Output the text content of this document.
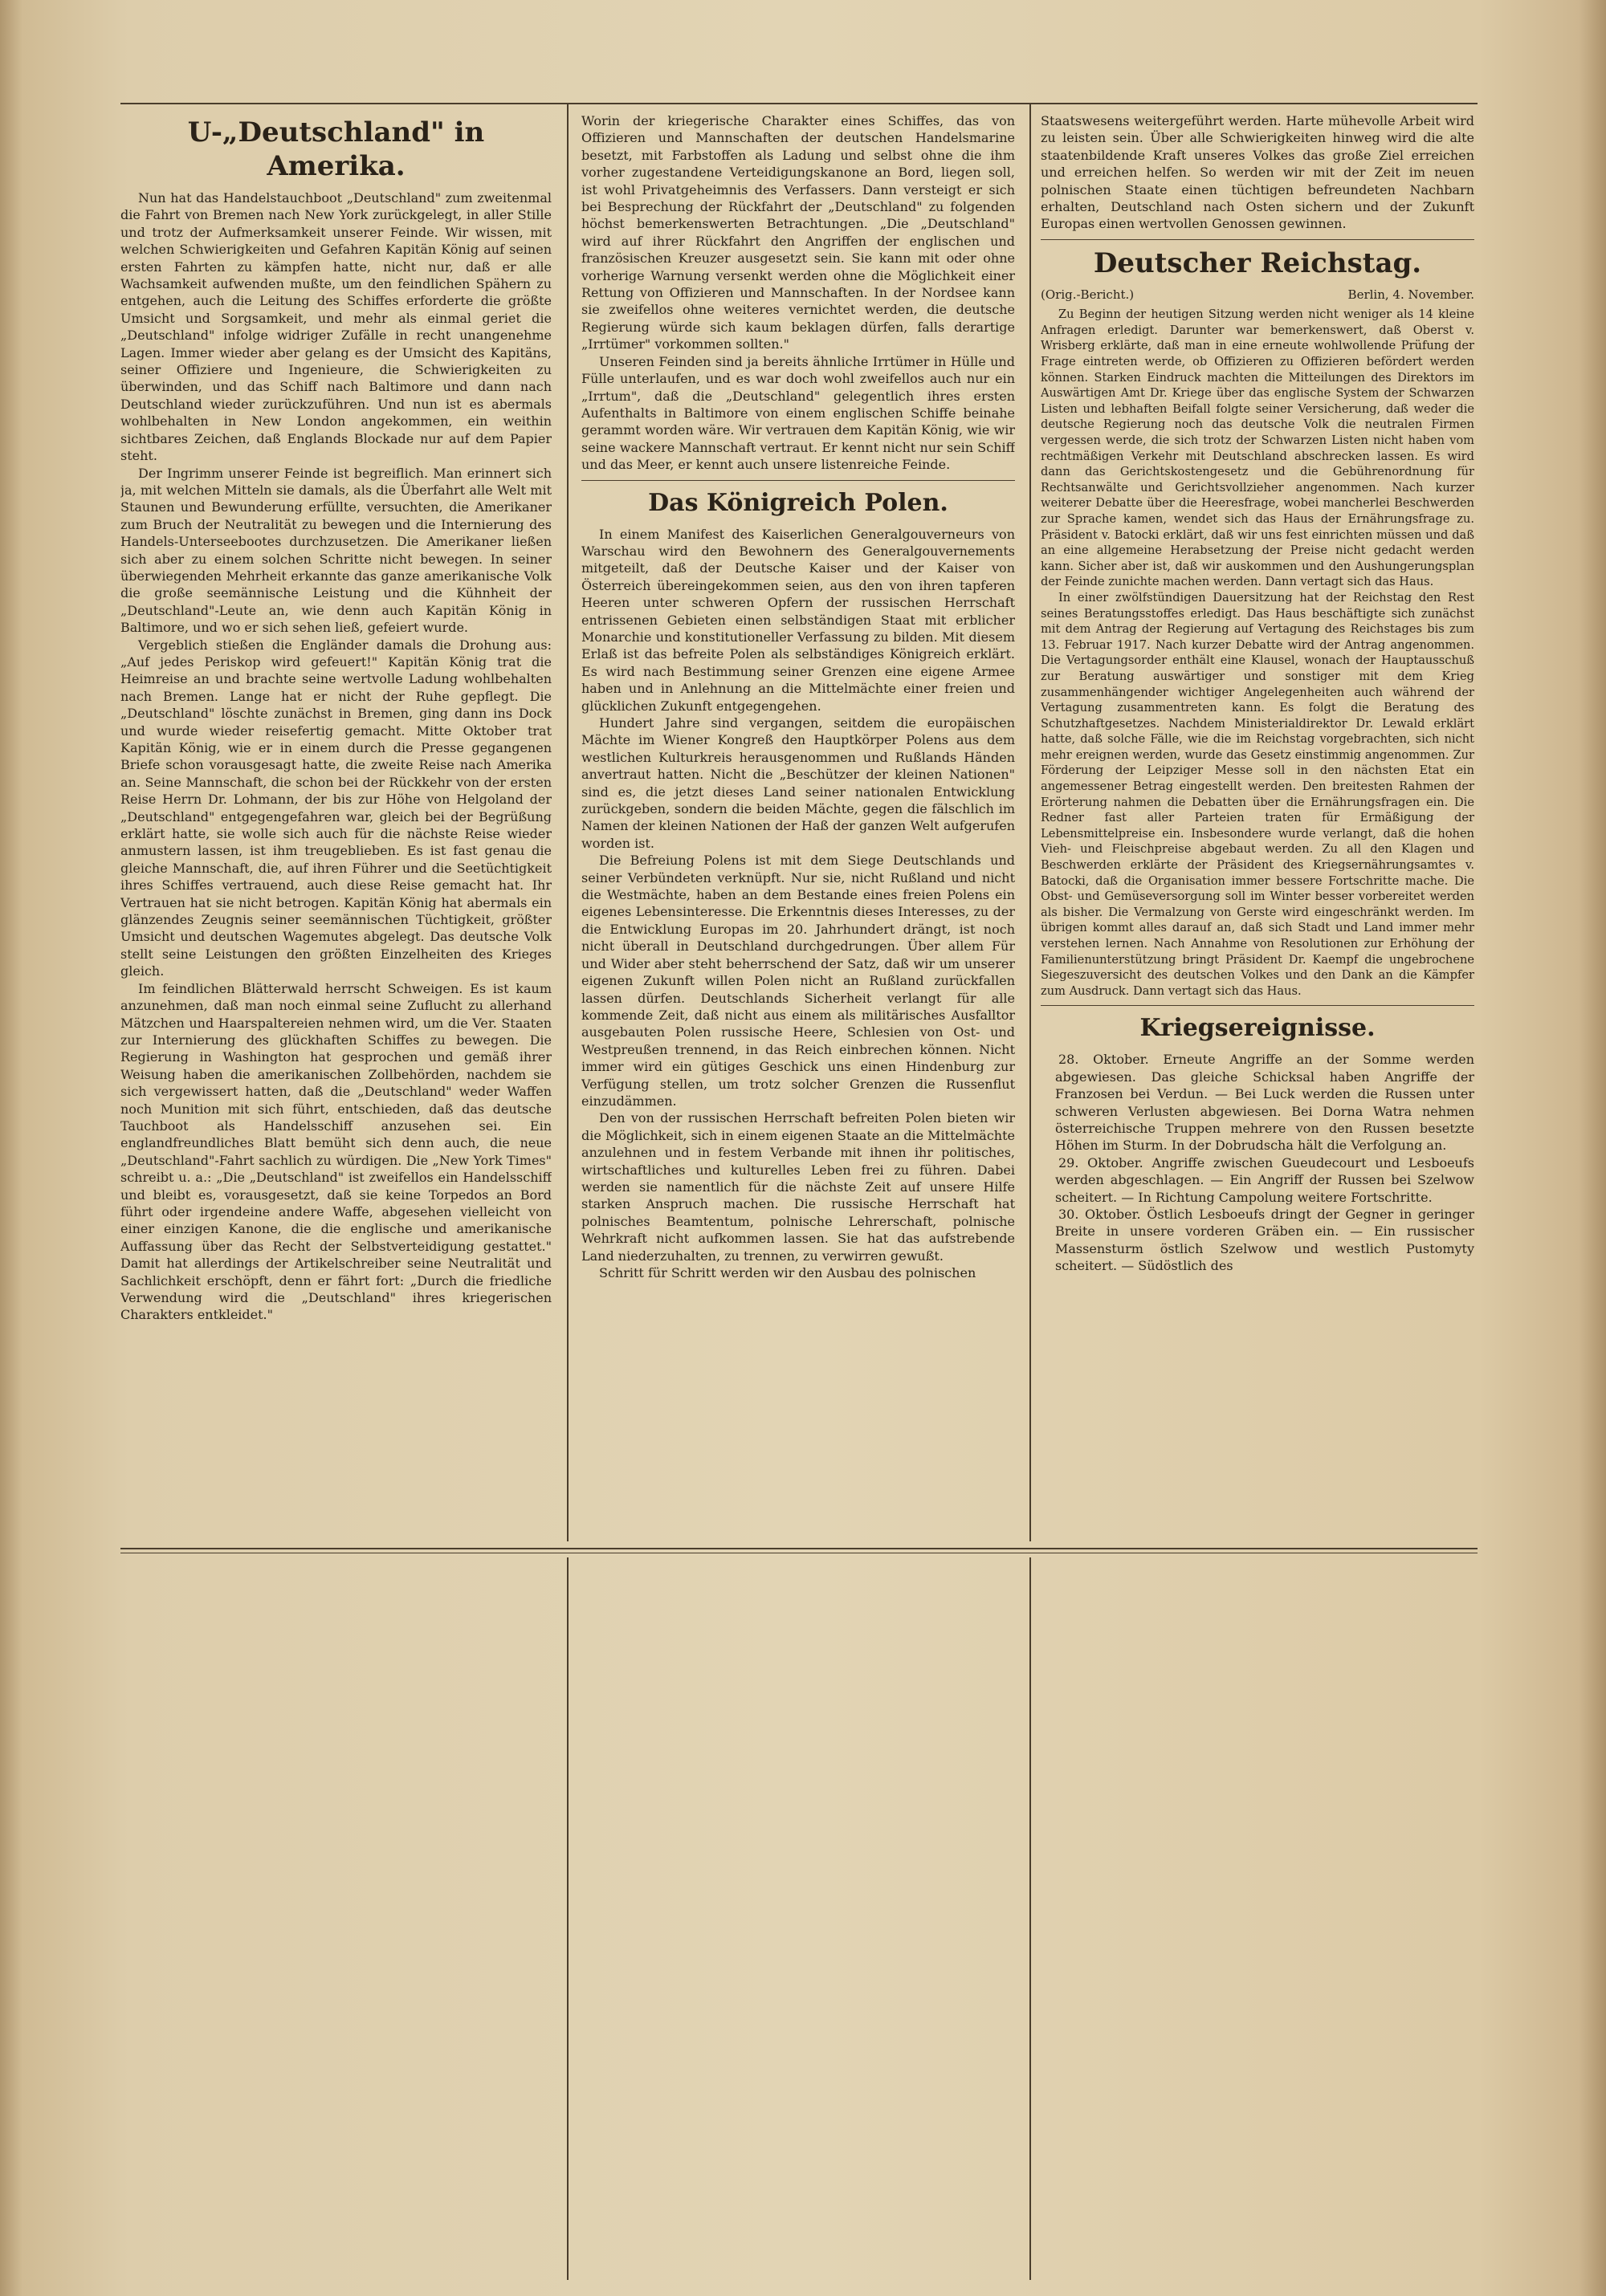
U-„Deutschland" in Amerika.

Nun hat das Handelstauchboot „Deutschland" zum zweitenmal die Fahrt von Bremen nach New York zurückgelegt, in aller Stille und trotz der Aufmerksamkeit unserer Feinde. Wir wissen, mit welchen Schwierigkeiten und Gefahren Kapitän König auf seinen ersten Fahrten zu kämpfen hatte, nicht nur, daß er alle Wachsamkeit aufwenden mußte, um den feindlichen Spähern zu entgehen, auch die Leitung des Schiffes erforderte die größte Umsicht und Sorgsamkeit, und mehr als einmal geriet die „Deutschland" infolge widriger Zufälle in recht unangenehme Lagen. Immer wieder aber gelang es der Umsicht des Kapitäns, seiner Offiziere und Ingenieure, die Schwierigkeiten zu überwinden, und das Schiff nach Baltimore und dann nach Deutschland wieder zurückzuführen. Und nun ist es abermals wohlbehalten in New London angekommen, ein weithin sichtbares Zeichen, daß Englands Blockade nur auf dem Papier steht.

Der Ingrimm unserer Feinde ist begreiflich. Man erinnert sich ja, mit welchen Mitteln sie damals, als die Überfahrt alle Welt mit Staunen und Bewunderung erfüllte, versuchten, die Amerikaner zum Bruch der Neutralität zu bewegen und die Internierung des Handels-Unterseebootes durchzusetzen. Die Amerikaner ließen sich aber zu einem solchen Schritte nicht bewegen. In seiner überwiegenden Mehrheit erkannte das ganze amerikanische Volk die große seemännische Leistung und die Kühnheit der „Deutschland"-Leute an, wie denn auch Kapitän König in Baltimore, und wo er sich sehen ließ, gefeiert wurde.

Vergeblich stießen die Engländer damals die Drohung aus: „Auf jedes Periskop wird gefeuert!" Kapitän König trat die Heimreise an und brachte seine wertvolle Ladung wohlbehalten nach Bremen. Lange hat er nicht der Ruhe gepflegt. Die „Deutschland" löschte zunächst in Bremen, ging dann ins Dock und wurde wieder reisefertig gemacht. Mitte Oktober trat Kapitän König, wie er in einem durch die Presse gegangenen Briefe schon vorausgesagt hatte, die zweite Reise nach Amerika an. Seine Mannschaft, die schon bei der Rückkehr von der ersten Reise Herrn Dr. Lohmann, der bis zur Höhe von Helgoland der „Deutschland" entgegengefahren war, gleich bei der Begrüßung erklärt hatte, sie wolle sich auch für die nächste Reise wieder anmustern lassen, ist ihm treugeblieben. Es ist fast genau die gleiche Mannschaft, die, auf ihren Führer und die Seetüchtigkeit ihres Schiffes vertrauend, auch diese Reise gemacht hat. Ihr Vertrauen hat sie nicht betrogen. Kapitän König hat abermals ein glänzendes Zeugnis seiner seemännischen Tüchtigkeit, größter Umsicht und deutschen Wagemutes abgelegt. Das deutsche Volk stellt seine Leistungen den größten Einzelheiten des Krieges gleich.

Im feindlichen Blätterwald herrscht Schweigen. Es ist kaum anzunehmen, daß man noch einmal seine Zuflucht zu allerhand Mätzchen und Haarspaltereien nehmen wird, um die Ver. Staaten zur Internierung des glückhaften Schiffes zu bewegen. Die Regierung in Washington hat gesprochen und gemäß ihrer Weisung haben die amerikanischen Zollbehörden, nachdem sie sich vergewissert hatten, daß die „Deutschland" weder Waffen noch Munition mit sich führt, entschieden, daß das deutsche Tauchboot als Handelsschiff anzusehen sei. Ein englandfreundliches Blatt bemüht sich denn auch, die neue „Deutschland"-Fahrt sachlich zu würdigen. Die „New York Times" schreibt u. a.: „Die „Deutschland" ist zweifellos ein Handelsschiff und bleibt es, vorausgesetzt, daß sie keine Torpedos an Bord führt oder irgendeine andere Waffe, abgesehen vielleicht von einer einzigen Kanone, die die englische und amerikanische Auffassung über das Recht der Selbstverteidigung gestattet." Damit hat allerdings der Artikelschreiber seine Neutralität und Sachlichkeit erschöpft, denn er fährt fort: „Durch die friedliche Verwendung wird die „Deutschland" ihres kriegerischen Charakters entkleidet."

Worin der kriegerische Charakter eines Schiffes, das von Offizieren und Mannschaften der deutschen Handelsmarine besetzt, mit Farbstoffen als Ladung und selbst ohne die ihm vorher zugestandene Verteidigungskanone an Bord, liegen soll, ist wohl Privatgeheimnis des Verfassers. Dann versteigt er sich bei Besprechung der Rückfahrt der „Deutschland" zu folgenden höchst bemerkenswerten Betrachtungen. „Die „Deutschland" wird auf ihrer Rückfahrt den Angriffen der englischen und französischen Kreuzer ausgesetzt sein. Sie kann mit oder ohne vorherige Warnung versenkt werden ohne die Möglichkeit einer Rettung von Offizieren und Mannschaften. In der Nordsee kann sie zweifellos ohne weiteres vernichtet werden, die deutsche Regierung würde sich kaum beklagen dürfen, falls derartige „Irrtümer" vorkommen sollten."

Unseren Feinden sind ja bereits ähnliche Irrtümer in Hülle und Fülle unterlaufen, und es war doch wohl zweifellos auch nur ein „Irrtum", daß die „Deutschland" gelegentlich ihres ersten Aufenthalts in Baltimore von einem englischen Schiffe beinahe gerammt worden wäre. Wir vertrauen dem Kapitän König, wie wir seine wackere Mannschaft vertraut. Er kennt nicht nur sein Schiff und das Meer, er kennt auch unsere listenreiche Feinde.

Das Königreich Polen.

In einem Manifest des Kaiserlichen Generalgouverneurs von Warschau wird den Bewohnern des Generalgouvernements mitgeteilt, daß der Deutsche Kaiser und der Kaiser von Österreich übereingekommen seien, aus den von ihren tapferen Heeren unter schweren Opfern der russischen Herrschaft entrissenen Gebieten einen selbständigen Staat mit erblicher Monarchie und konstitutioneller Verfassung zu bilden. Mit diesem Erlaß ist das befreite Polen als selbständiges Königreich erklärt. Es wird nach Bestimmung seiner Grenzen eine eigene Armee haben und in Anlehnung an die Mittelmächte einer freien und glücklichen Zukunft entgegengehen.

Hundert Jahre sind vergangen, seitdem die europäischen Mächte im Wiener Kongreß den Hauptkörper Polens aus dem westlichen Kulturkreis herausgenommen und Rußlands Händen anvertraut hatten. Nicht die „Beschützer der kleinen Nationen" sind es, die jetzt dieses Land seiner nationalen Entwicklung zurückgeben, sondern die beiden Mächte, gegen die fälschlich im Namen der kleinen Nationen der Haß der ganzen Welt aufgerufen worden ist.

Die Befreiung Polens ist mit dem Siege Deutschlands und seiner Verbündeten verknüpft. Nur sie, nicht Rußland und nicht die Westmächte, haben an dem Bestande eines freien Polens ein eigenes Lebensinteresse. Die Erkenntnis dieses Interesses, zu der die Entwicklung Europas im 20. Jahrhundert drängt, ist noch nicht überall in Deutschland durchgedrungen. Über allem Für und Wider aber steht beherrschend der Satz, daß wir um unserer eigenen Zukunft willen Polen nicht an Rußland zurückfallen lassen dürfen. Deutschlands Sicherheit verlangt für alle kommende Zeit, daß nicht aus einem als militärisches Ausfalltor ausgebauten Polen russische Heere, Schlesien von Ost- und Westpreußen trennend, in das Reich einbrechen können. Nicht immer wird ein gütiges Geschick uns einen Hindenburg zur Verfügung stellen, um trotz solcher Grenzen die Russenflut einzudämmen.

Den von der russischen Herrschaft befreiten Polen bieten wir die Möglichkeit, sich in einem eigenen Staate an die Mittelmächte anzulehnen und in festem Verbande mit ihnen ihr politisches, wirtschaftliches und kulturelles Leben frei zu führen. Dabei werden sie namentlich für die nächste Zeit auf unsere Hilfe starken Anspruch machen. Die russische Herrschaft hat polnisches Beamtentum, polnische Lehrerschaft, polnische Wehrkraft nicht aufkommen lassen. Sie hat das aufstrebende Land niederzuhalten, zu trennen, zu verwirren gewußt.

Schritt für Schritt werden wir den Ausbau des polnischen

Staatswesens weitergeführt werden. Harte mühevolle Arbeit wird zu leisten sein. Über alle Schwierigkeiten hinweg wird die alte staatenbildende Kraft unseres Volkes das große Ziel erreichen und erreichen helfen. So werden wir mit der Zeit im neuen polnischen Staate einen tüchtigen befreundeten Nachbarn erhalten, Deutschland nach Osten sichern und der Zukunft Europas einen wertvollen Genossen gewinnen.

Deutscher Reichstag.
(Orig.-Bericht.)	Berlin, 4. November.

Zu Beginn der heutigen Sitzung werden nicht weniger als 14 kleine Anfragen erledigt. Darunter war bemerkenswert, daß Oberst v. Wrisberg erklärte, daß man in eine erneute wohlwollende Prüfung der Frage eintreten werde, ob Offizieren zu Offizieren befördert werden können. Starken Eindruck machten die Mitteilungen des Direktors im Auswärtigen Amt Dr. Kriege über das englische System der Schwarzen Listen und lebhaften Beifall folgte seiner Versicherung, daß weder die deutsche Regierung noch das deutsche Volk die neutralen Firmen vergessen werde, die sich trotz der Schwarzen Listen nicht haben vom rechtmäßigen Verkehr mit Deutschland abschrecken lassen. Es wird dann das Gerichtskostengesetz und die Gebührenordnung für Rechtsanwälte und Gerichtsvollzieher angenommen. Nach kurzer weiterer Debatte über die Heeresfrage, wobei mancherlei Beschwerden zur Sprache kamen, wendet sich das Haus der Ernährungsfrage zu. Präsident v. Batocki erklärt, daß wir uns fest einrichten müssen und daß an eine allgemeine Herabsetzung der Preise nicht gedacht werden kann. Sicher aber ist, daß wir auskommen und den Aushungerungsplan der Feinde zunichte machen werden. Dann vertagt sich das Haus.

In einer zwölfstündigen Dauersitzung hat der Reichstag den Rest seines Beratungsstoffes erledigt. Das Haus beschäftigte sich zunächst mit dem Antrag der Regierung auf Vertagung des Reichstages bis zum 13. Februar 1917. Nach kurzer Debatte wird der Antrag angenommen. Die Vertagungsorder enthält eine Klausel, wonach der Hauptausschuß zur Beratung auswärtiger und sonstiger mit dem Krieg zusammenhängender wichtiger Angelegenheiten auch während der Vertagung zusammentreten kann. Es folgt die Beratung des Schutzhaftgesetzes. Nachdem Ministerialdirektor Dr. Lewald erklärt hatte, daß solche Fälle, wie die im Reichstag vorgebrachten, sich nicht mehr ereignen werden, wurde das Gesetz einstimmig angenommen. Zur Förderung der Leipziger Messe soll in den nächsten Etat ein angemessener Betrag eingestellt werden. Den breitesten Rahmen der Erörterung nahmen die Debatten über die Ernährungsfragen ein. Die Redner fast aller Parteien traten für Ermäßigung der Lebensmittelpreise ein. Insbesondere wurde verlangt, daß die hohen Vieh- und Fleischpreise abgebaut werden. Zu all den Klagen und Beschwerden erklärte der Präsident des Kriegsernährungsamtes v. Batocki, daß die Organisation immer bessere Fortschritte mache. Die Obst- und Gemüseversorgung soll im Winter besser vorbereitet werden als bisher. Die Vermalzung von Gerste wird eingeschränkt werden. Im übrigen kommt alles darauf an, daß sich Stadt und Land immer mehr verstehen lernen. Nach Annahme von Resolutionen zur Erhöhung der Familienunterstützung bringt Präsident Dr. Kaempf die ungebrochene Siegeszuversicht des deutschen Volkes und den Dank an die Kämpfer zum Ausdruck. Dann vertagt sich das Haus.

Kriegsereignisse.

28. Oktober. Erneute Angriffe an der Somme werden abgewiesen. Das gleiche Schicksal haben Angriffe der Franzosen bei Verdun. — Bei Luck werden die Russen unter schweren Verlusten abgewiesen. Bei Dorna Watra nehmen österreichische Truppen mehrere von den Russen besetzte Höhen im Sturm. In der Dobrudscha hält die Verfolgung an.

29. Oktober. Angriffe zwischen Gueudecourt und Lesboeufs werden abgeschlagen. — Ein Angriff der Russen bei Szelwow scheitert. — In Richtung Campolung weitere Fortschritte.

30. Oktober. Östlich Lesboeufs dringt der Gegner in geringer Breite in unsere vorderen Gräben ein. — Ein russischer Massensturm östlich Szelwow und westlich Pustomyty scheitert. — Südöstlich des
